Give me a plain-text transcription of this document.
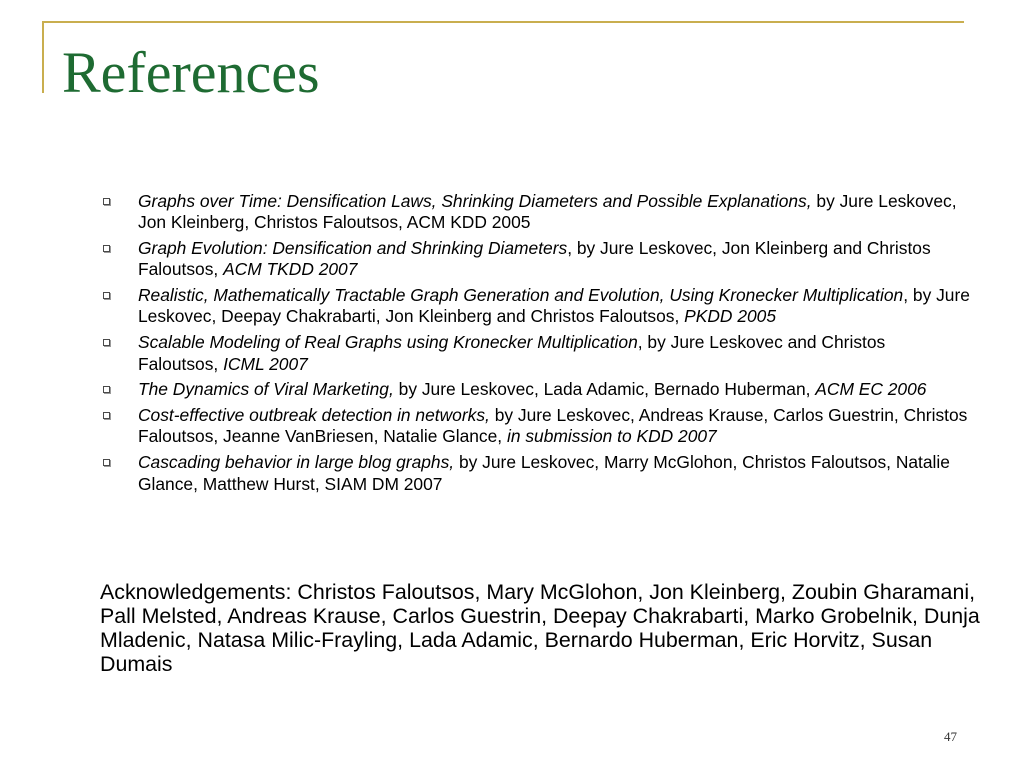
References
Graphs over Time: Densification Laws, Shrinking Diameters and Possible Explanations, by Jure Leskovec, Jon Kleinberg, Christos Faloutsos, ACM KDD 2005
Graph Evolution: Densification and Shrinking Diameters, by Jure Leskovec, Jon Kleinberg and Christos Faloutsos, ACM TKDD 2007
Realistic, Mathematically Tractable Graph Generation and Evolution, Using Kronecker Multiplication, by Jure Leskovec, Deepay Chakrabarti, Jon Kleinberg and Christos Faloutsos, PKDD 2005
Scalable Modeling of Real Graphs using Kronecker Multiplication, by Jure Leskovec and Christos Faloutsos, ICML 2007
The Dynamics of Viral Marketing, by Jure Leskovec, Lada Adamic, Bernado Huberman, ACM EC 2006
Cost-effective outbreak detection in networks, by Jure Leskovec, Andreas Krause, Carlos Guestrin, Christos Faloutsos, Jeanne VanBriesen, Natalie Glance, in submission to KDD 2007
Cascading behavior in large blog graphs, by Jure Leskovec, Marry McGlohon, Christos Faloutsos, Natalie Glance, Matthew Hurst, SIAM DM 2007

Acknowledgements: Christos Faloutsos, Mary McGlohon, Jon Kleinberg, Zoubin Gharamani, Pall Melsted, Andreas Krause, Carlos Guestrin, Deepay Chakrabarti, Marko Grobelnik, Dunja Mladenic, Natasa Milic-Frayling, Lada Adamic, Bernardo Huberman, Eric Horvitz, Susan Dumais

47
